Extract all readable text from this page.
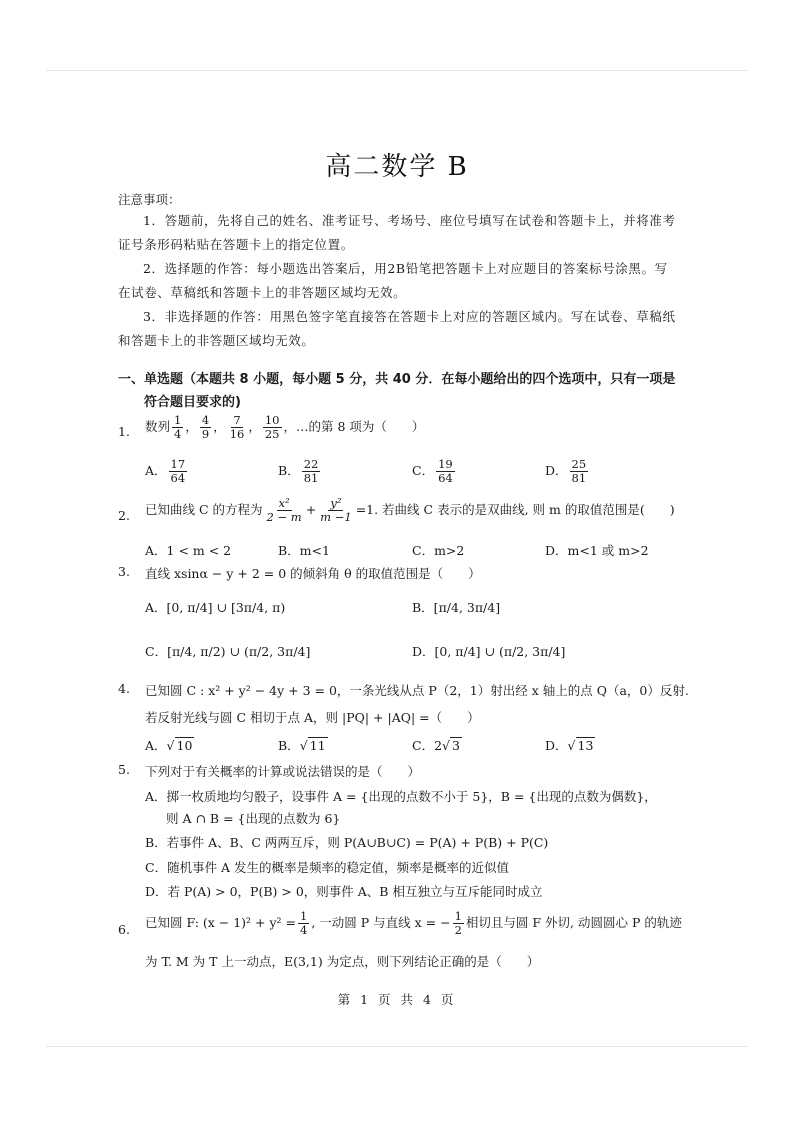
高二数学 B
注意事项：
1．答题前，先将自己的姓名、准考证号、考场号、座位号填写在试卷和答题卡上，并将准考证号条形码粘贴在答题卡上的指定位置。
2．选择题的作答：每小题选出答案后，用2B铅笔把答题卡上对应题目的答案标号涂黑。写在试卷、草稿纸和答题卡上的非答题区域均无效。
3．非选择题的作答：用黑色签字笔直接答在答题卡上对应的答题区域内。写在试卷、草稿纸和答题卡上的非答题区域均无效。
一、单选题（本题共 8 小题，每小题 5 分，共 40 分．在每小题给出的四个选项中，只有一项是
符合题目要求的)
1. 数列 $\frac{1}{4}$ ， $\frac{4}{9}$ ， $\frac{7}{16}$ ， $\frac{10}{25}$ ，…的第 8 项为（　　）
A． $\frac{17}{64}$	B． $\frac{22}{81}$	C． $\frac{19}{64}$	D． $\frac{25}{81}$
2. 已知曲线 C 的方程为 $\frac{\text{x²}}{2 - m} + \frac{\text{y²}}{m -1} =1$. 若曲线 C 表示的是双曲线, 则 m 的取值范围是(　　)
A．1 < m < 2	B．m<1	C．m>2	D．m<1 或 m>2
3. 直线 xsinα − y + 2 = 0 的倾斜角 θ 的取值范围是（　　）
A．[0, π/4] ∪ [3π/4, π)	B．[π/4, 3π/4]
C．[π/4, π/2) ∪ (π/2, 3π/4]	D．[0, π/4] ∪ (π/2, 3π/4]
4. 已知圆 C : x² + y² − 4y + 3 = 0，一条光线从点 P（2，1）射出经 x 轴上的点 Q（a，0）反射.
若反射光线与圆 C 相切于点 A，则 |PQ| + |AQ| =（　　）
A．√ 10	B．√ 11	C．2√ 3	D．√ 13
5. 下列对于有关概率的计算或说法错误的是（　　）
A．掷一枚质地均匀骰子，设事件 A = {出现的点数不小于 5}，B = {出现的点数为偶数}，
则 A ∩ B = {出现的点数为 6}
B．若事件 A、B、C 两两互斥，则 P(A∪B∪C) = P(A) + P(B) + P(C)
C．随机事件 A 发生的概率是频率的稳定值，频率是概率的近似值
D．若 P(A) > 0，P(B) > 0，则事件 A、B 相互独立与互斥能同时成立
6. 已知圆 F: $(x - 1)^2 + y^2 = \frac{1}{4}$ , 一动圆 P 与直线 x = − $\frac{1}{2}$ 相切且与圆 F 外切, 动圆圆心 P 的轨迹
为 T. M 为 T 上一动点，E(3,1) 为定点，则下列结论正确的是（　　）
第 1 页 共 4 页
